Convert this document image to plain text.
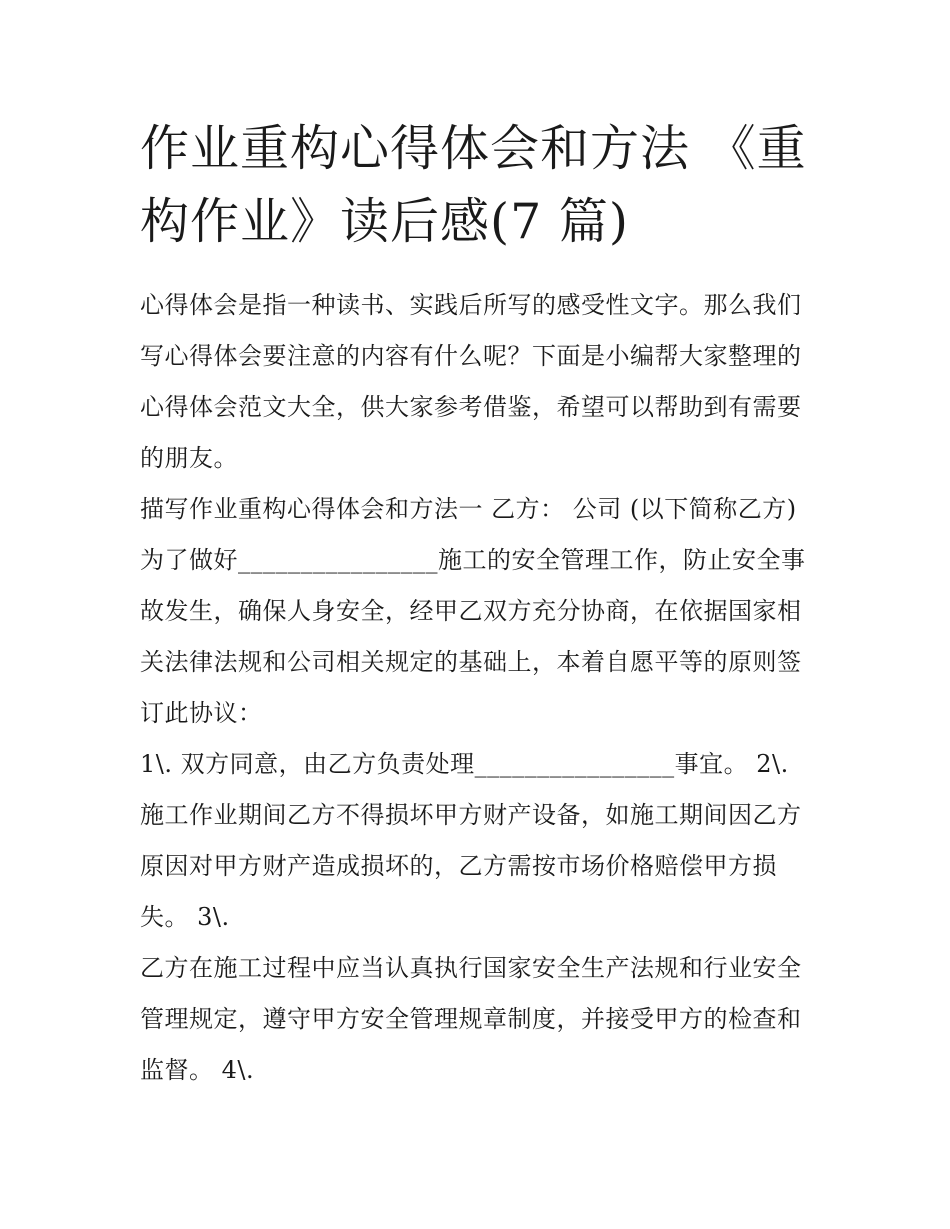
作业重构心得体会和方法 《重
构作业》读后感(7 篇)
心得体会是指一种读书、实践后所写的感受性文字。那么我们
写心得体会要注意的内容有什么呢？下面是小编帮大家整理的
心得体会范文大全，供大家参考借鉴，希望可以帮助到有需要
的朋友。
描写作业重构心得体会和方法一 乙方： 公司 (以下简称乙方)
为了做好________________施工的安全管理工作，防止安全事
故发生，确保人身安全，经甲乙双方充分协商，在依据国家相
关法律法规和公司相关规定的基础上，本着自愿平等的原则签
订此协议：
1\. 双方同意，由乙方负责处理________________事宜。 2\.
施工作业期间乙方不得损坏甲方财产设备，如施工期间因乙方
原因对甲方财产造成损坏的，乙方需按市场价格赔偿甲方损
失。 3\.
乙方在施工过程中应当认真执行国家安全生产法规和行业安全
管理规定，遵守甲方安全管理规章制度，并接受甲方的检查和
监督。 4\.
